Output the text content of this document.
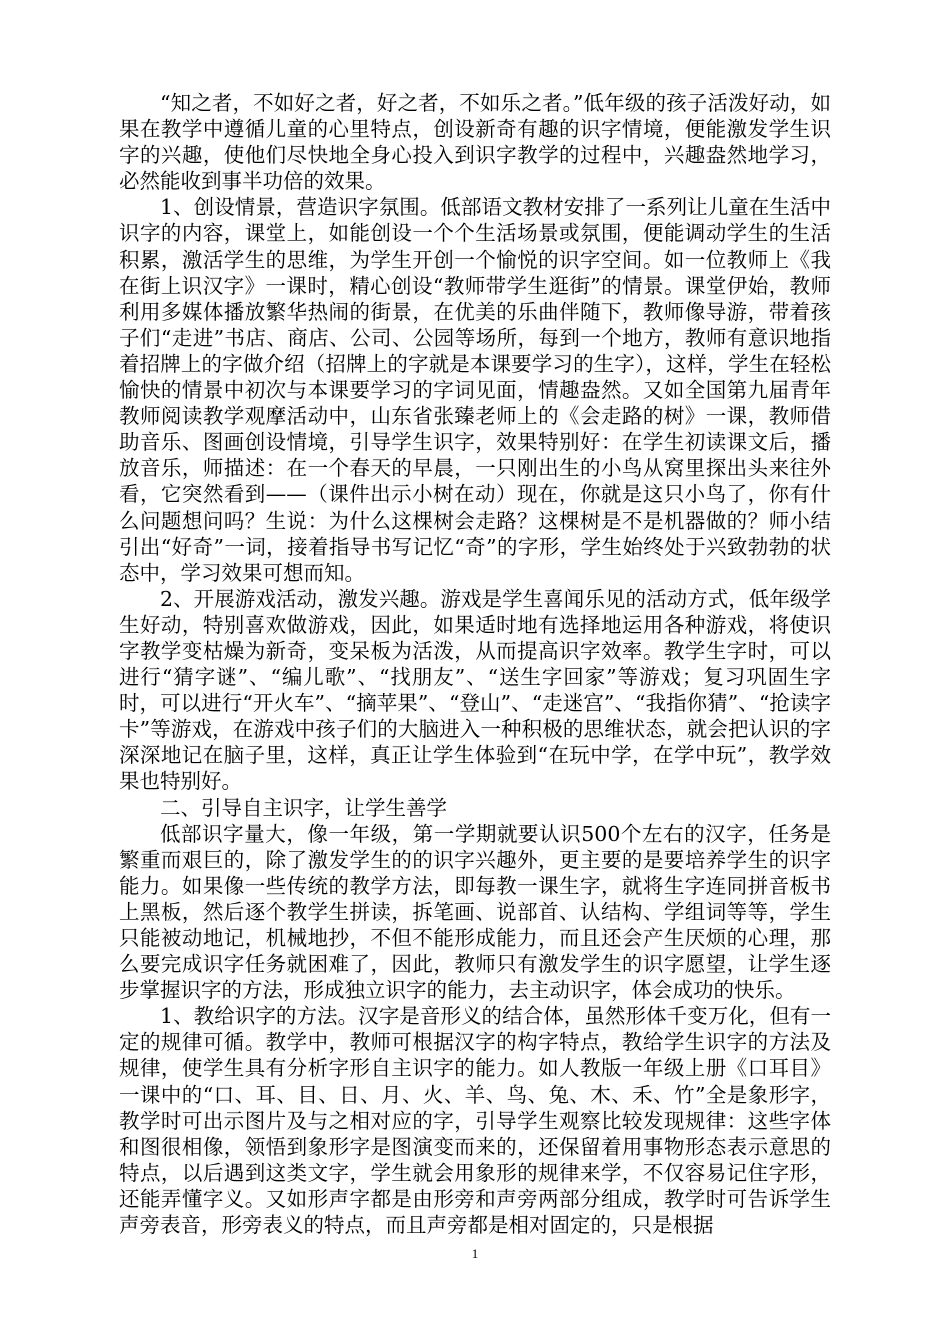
“知之者，不如好之者，好之者，不如乐之者。”低年级的孩子活泼好动，如果在教学中遵循儿童的心里特点，创设新奇有趣的识字情境，便能激发学生识字的兴趣，使他们尽快地全身心投入到识字教学的过程中，兴趣盎然地学习，必然能收到事半功倍的效果。

1、创设情景，营造识字氛围。低部语文教材安排了一系列让儿童在生活中识字的内容，课堂上，如能创设一个个生活场景或氛围，便能调动学生的生活积累，激活学生的思维，为学生开创一个愉悦的识字空间。如一位教师上《我在街上识汉字》一课时，精心创设“教师带学生逛街”的情景。课堂伊始，教师利用多媒体播放繁华热闹的街景，在优美的乐曲伴随下，教师像导游，带着孩子们“走进”书店、商店、公司、公园等场所，每到一个地方，教师有意识地指着招牌上的字做介绍（招牌上的字就是本课要学习的生字），这样，学生在轻松愉快的情景中初次与本课要学习的字词见面，情趣盎然。又如全国第九届青年教师阅读教学观摩活动中，山东省张臻老师上的《会走路的树》一课，教师借助音乐、图画创设情境，引导学生识字，效果特别好：在学生初读课文后，播放音乐，师描述：在一个春天的早晨，一只刚出生的小鸟从窝里探出头来往外看，它突然看到——（课件出示小树在动）现在，你就是这只小鸟了，你有什么问题想问吗？生说：为什么这棵树会走路？这棵树是不是机器做的？师小结引出“好奇”一词，接着指导书写记忆“奇”的字形，学生始终处于兴致勃勃的状态中，学习效果可想而知。

2、开展游戏活动，激发兴趣。游戏是学生喜闻乐见的活动方式，低年级学生好动，特别喜欢做游戏，因此，如果适时地有选择地运用各种游戏，将使识字教学变枯燥为新奇，变呆板为活泼，从而提高识字效率。教学生字时，可以进行“猜字谜”、“编儿歌”、“找朋友”、“送生字回家”等游戏；复习巩固生字时，可以进行“开火车”、“摘苹果”、“登山”、“走迷宫”、“我指你猜”、“抢读字卡”等游戏，在游戏中孩子们的大脑进入一种积极的思维状态，就会把认识的字深深地记在脑子里，这样，真正让学生体验到“在玩中学，在学中玩”，教学效果也特别好。

二、引导自主识字，让学生善学

低部识字量大，像一年级，第一学期就要认识500个左右的汉字，任务是繁重而艰巨的，除了激发学生的的识字兴趣外，更主要的是要培养学生的识字能力。如果像一些传统的教学方法，即每教一课生字，就将生字连同拼音板书上黑板，然后逐个教学生拼读，拆笔画、说部首、认结构、学组词等等，学生只能被动地记，机械地抄，不但不能形成能力，而且还会产生厌烦的心理，那么要完成识字任务就困难了，因此，教师只有激发学生的识字愿望，让学生逐步掌握识字的方法，形成独立识字的能力，去主动识字，体会成功的快乐。

1、教给识字的方法。汉字是音形义的结合体，虽然形体千变万化，但有一定的规律可循。教学中，教师可根据汉字的构字特点，教给学生识字的方法及规律，使学生具有分析字形自主识字的能力。如人教版一年级上册《口耳目》一课中的“口、耳、目、日、月、火、羊、鸟、兔、木、禾、竹”全是象形字，教学时可出示图片及与之相对应的字，引导学生观察比较发现规律：这些字体和图很相像，领悟到象形字是图演变而来的，还保留着用事物形态表示意思的特点，以后遇到这类文字，学生就会用象形的规律来学，不仅容易记住字形，还能弄懂字义。又如形声字都是由形旁和声旁两部分组成，教学时可告诉学生声旁表音，形旁表义的特点，而且声旁都是相对固定的，只是根据

1
